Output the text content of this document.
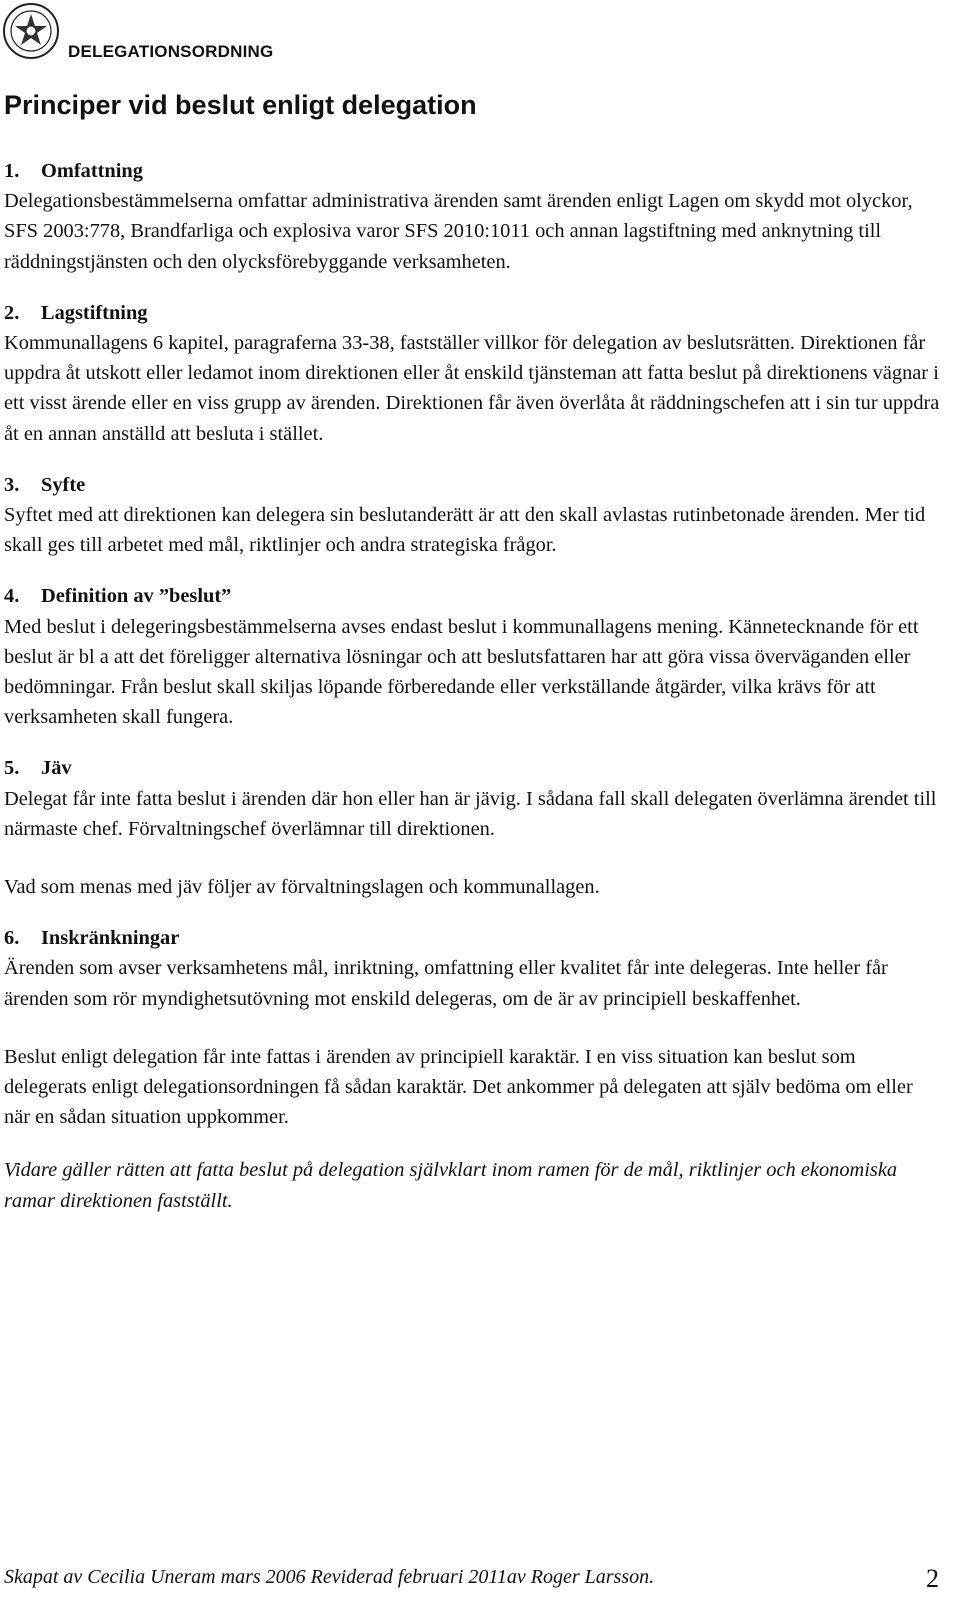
DELEGATIONSORDNING
Principer vid beslut enligt delegation

1. Omfattning

Delegationsbestämmelserna omfattar administrativa ärenden samt ärenden enligt Lagen om skydd mot olyckor, SFS 2003:778, Brandfarliga och explosiva varor SFS 2010:1011 och annan lagstiftning med anknytning till räddningstjänsten och den olycksförebyggande verksamheten.

2. Lagstiftning

Kommunallagens 6 kapitel, paragraferna 33-38, fastställer villkor för delegation av beslutsrätten. Direktionen får uppdra åt utskott eller ledamot inom direktionen eller åt enskild tjänsteman att fatta beslut på direktionens vägnar i ett visst ärende eller en viss grupp av ärenden. Direktionen får även överlåta åt räddningschefen att i sin tur uppdra åt en annan anställd att besluta i stället.

3. Syfte

Syftet med att direktionen kan delegera sin beslutanderätt är att den skall avlastas rutinbetonade ärenden. Mer tid skall ges till arbetet med mål, riktlinjer och andra strategiska frågor.

4. Definition av ”beslut”

Med beslut i delegeringsbestämmelserna avses endast beslut i kommunallagens mening. Kännetecknande för ett beslut är bl a att det föreligger alternativa lösningar och att beslutsfattaren har att göra vissa överväganden eller bedömningar. Från beslut skall skiljas löpande förberedande eller verkställande åtgärder, vilka krävs för att verksamheten skall fungera.

5. Jäv

Delegat får inte fatta beslut i ärenden där hon eller han är jävig. I sådana fall skall delegaten överlämna ärendet till närmaste chef. Förvaltningschef överlämnar till direktionen.

Vad som menas med jäv följer av förvaltningslagen och kommunallagen.

6. Inskränkningar

Ärenden som avser verksamhetens mål, inriktning, omfattning eller kvalitet får inte delegeras. Inte heller får ärenden som rör myndighetsutövning mot enskild delegeras, om de är av principiell beskaffenhet.

Beslut enligt delegation får inte fattas i ärenden av principiell karaktär. I en viss situation kan beslut som delegerats enligt delegationsordningen få sådan karaktär. Det ankommer på delegaten att själv bedöma om eller när en sådan situation uppkommer.

Vidare gäller rätten att fatta beslut på delegation självklart inom ramen för de mål, riktlinjer och ekonomiska ramar direktionen fastställt.

Skapat av Cecilia Uneram mars 2006 Reviderad februari 2011av Roger Larsson.	2
